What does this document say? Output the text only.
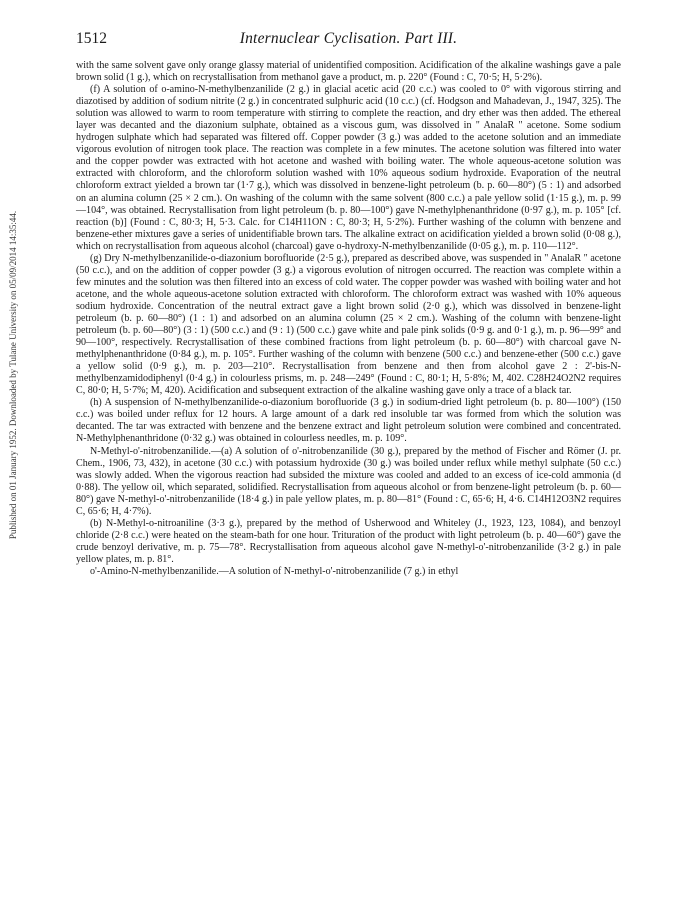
1512	Internuclear Cyclisation. Part III.
Published on 01 January 1952. Downloaded by Tulane University on 05/09/2014 14:35:44.

with the same solvent gave only orange glassy material of unidentified composition. Acidification of the alkaline washings gave a pale brown solid (1 g.), which on recrystallisation from methanol gave a product, m. p. 220° (Found : C, 70·5; H, 5·2%).

(f) A solution of o-amino-N-methylbenzanilide (2 g.) in glacial acetic acid (20 c.c.) was cooled to 0° with vigorous stirring and diazotised by addition of sodium nitrite (2 g.) in concentrated sulphuric acid (10 c.c.) (cf. Hodgson and Mahadevan, J., 1947, 325). The solution was allowed to warm to room temperature with stirring to complete the reaction, and dry ether was then added. The ethereal layer was decanted and the diazonium sulphate, obtained as a viscous gum, was dissolved in " AnalaR " acetone. Some sodium hydrogen sulphate which had separated was filtered off. Copper powder (3 g.) was added to the acetone solution and an immediate vigorous evolution of nitrogen took place. The reaction was complete in a few minutes. The acetone solution was filtered into water and the copper powder was extracted with hot acetone and washed with boiling water. The whole aqueous-acetone solution was extracted with chloroform, and the chloroform solution washed with 10% aqueous sodium hydroxide. Evaporation of the neutral chloroform extract yielded a brown tar (1·7 g.), which was dissolved in benzene-light petroleum (b. p. 60—80°) (5 : 1) and adsorbed on an alumina column (25 × 2 cm.). On washing of the column with the same solvent (800 c.c.) a pale yellow solid (1·15 g.), m. p. 99—104°, was obtained. Recrystallisation from light petroleum (b. p. 80—100°) gave N-methylphenanthridone (0·97 g.), m. p. 105° [cf. reaction (b)] (Found : C, 80·3; H, 5·3. Calc. for C14H11ON : C, 80·3; H, 5·2%). Further washing of the column with benzene and benzene-ether mixtures gave a series of unidentifiable brown tars. The alkaline extract on acidification yielded a brown solid (0·08 g.), which on recrystallisation from aqueous alcohol (charcoal) gave o-hydroxy-N-methylbenzanilide (0·05 g.), m. p. 110—112°.

(g) Dry N-methylbenzanilide-o-diazonium borofluoride (2·5 g.), prepared as described above, was suspended in " AnalaR " acetone (50 c.c.), and on the addition of copper powder (3 g.) a vigorous evolution of nitrogen occurred. The reaction was complete within a few minutes and the solution was then filtered into an excess of cold water. The copper powder was washed with boiling water and hot acetone, and the whole aqueous-acetone solution extracted with chloroform. The chloroform extract was washed with 10% aqueous sodium hydroxide. Concentration of the neutral extract gave a light brown solid (2·0 g.), which was dissolved in benzene-light petroleum (b. p. 60—80°) (1 : 1) and adsorbed on an alumina column (25 × 2 cm.). Washing of the column with benzene-light petroleum (b. p. 60—80°) (3 : 1) (500 c.c.) and (9 : 1) (500 c.c.) gave white and pale pink solids (0·9 g. and 0·1 g.), m. p. 96—99° and 90—100°, respectively. Recrystallisation of these combined fractions from light petroleum (b. p. 60—80°) with charcoal gave N-methylphenanthridone (0·84 g.), m. p. 105°. Further washing of the column with benzene (500 c.c.) and benzene-ether (500 c.c.) gave a yellow solid (0·9 g.), m. p. 203—210°. Recrystallisation from benzene and then from alcohol gave 2 : 2'-bis-N-methylbenzamidodiphenyl (0·4 g.) in colourless prisms, m. p. 248—249° (Found : C, 80·1; H, 5·8%; M, 402. C28H24O2N2 requires C, 80·0; H, 5·7%; M, 420). Acidification and subsequent extraction of the alkaline washing gave only a trace of a black tar.

(h) A suspension of N-methylbenzanilide-o-diazonium borofluoride (3 g.) in sodium-dried light petroleum (b. p. 80—100°) (150 c.c.) was boiled under reflux for 12 hours. A large amount of a dark red insoluble tar was formed from which the solution was decanted. The tar was extracted with benzene and the benzene extract and light petroleum solution were combined and concentrated. N-Methylphenanthridone (0·32 g.) was obtained in colourless needles, m. p. 109°.

N-Methyl-o'-nitrobenzanilide.—(a) A solution of o'-nitrobenzanilide (30 g.), prepared by the method of Fischer and Römer (J. pr. Chem., 1906, 73, 432), in acetone (30 c.c.) with potassium hydroxide (30 g.) was boiled under reflux while methyl sulphate (50 c.c.) was slowly added. When the vigorous reaction had subsided the mixture was cooled and added to an excess of ice-cold ammonia (d 0·88). The yellow oil, which separated, solidified. Recrystallisation from aqueous alcohol or from benzene-light petroleum (b. p. 60—80°) gave N-methyl-o'-nitrobenzanilide (18·4 g.) in pale yellow plates, m. p. 80—81° (Found : C, 65·6; H, 4·6. C14H12O3N2 requires C, 65·6; H, 4·7%).

(b) N-Methyl-o-nitroaniline (3·3 g.), prepared by the method of Usherwood and Whiteley (J., 1923, 123, 1084), and benzoyl chloride (2·8 c.c.) were heated on the steam-bath for one hour. Trituration of the product with light petroleum (b. p. 40—60°) gave the crude benzoyl derivative, m. p. 75—78°. Recrystallisation from aqueous alcohol gave N-methyl-o'-nitrobenzanilide (3·2 g.) in pale yellow plates, m. p. 81°.

o'-Amino-N-methylbenzanilide.—A solution of N-methyl-o'-nitrobenzanilide (7 g.) in ethyl
